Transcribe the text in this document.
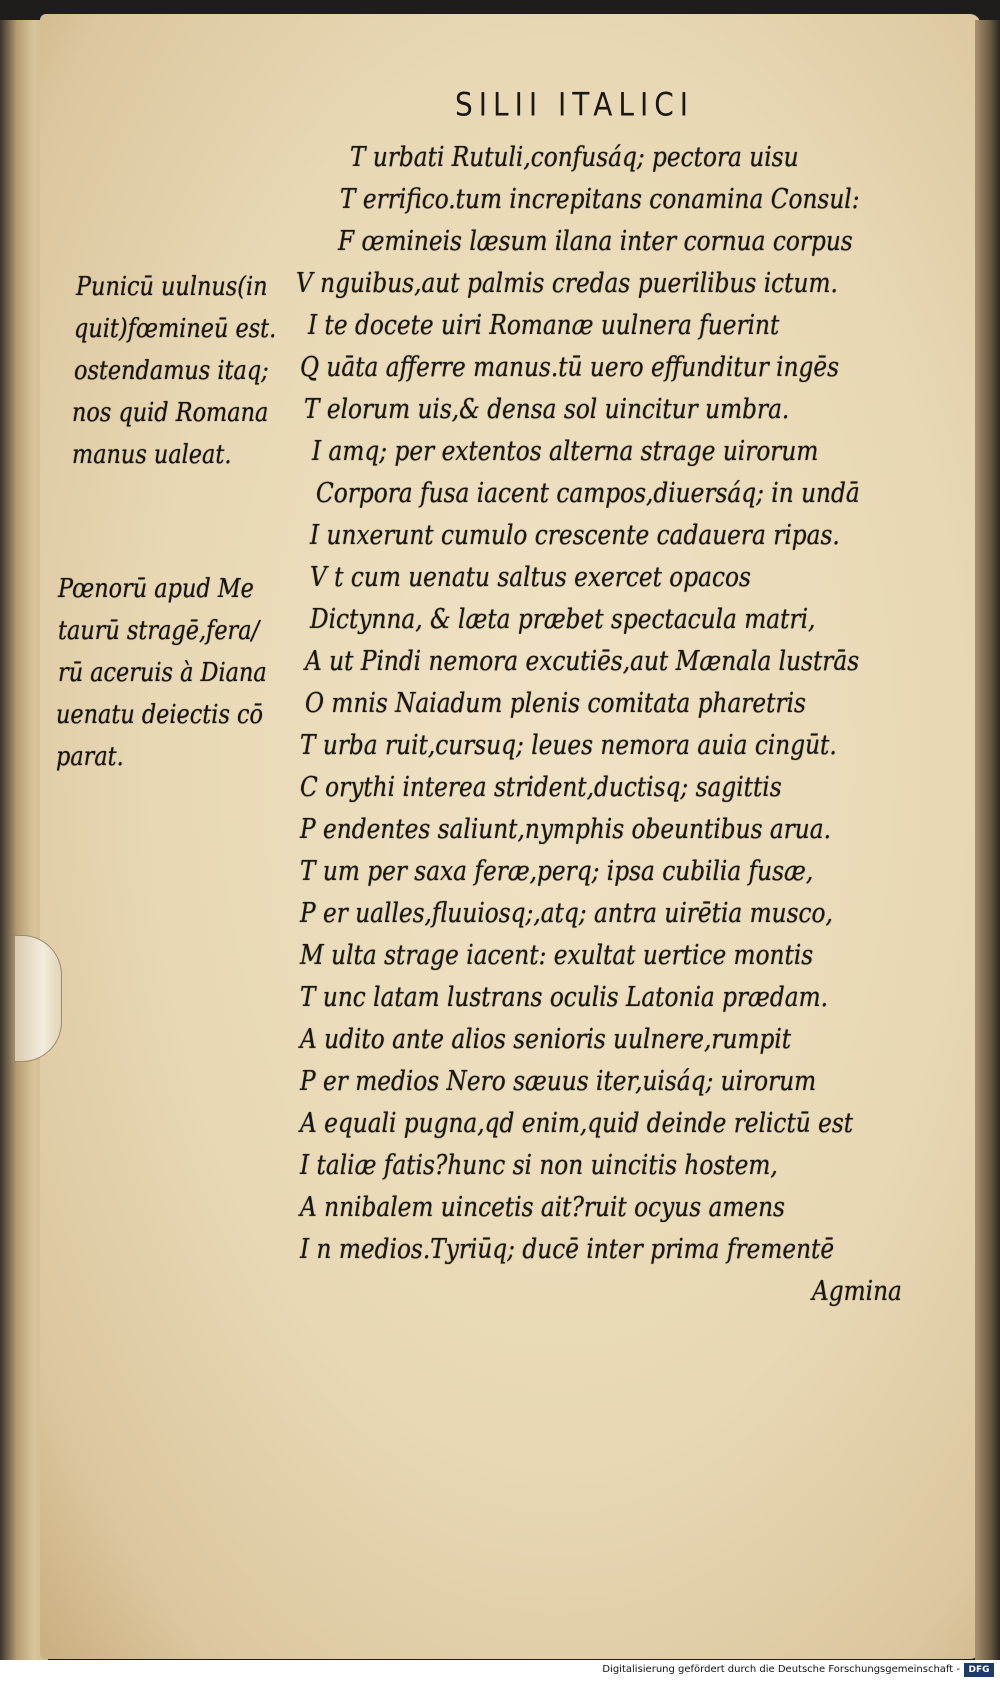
SILII ITALICI
T urbati Rutuli,confusáq; pectora uisu
T errifico.tum increpitans conamina Consul:
F œmineis læsum ilana inter cornua corpus
V nguibus,aut palmis credas puerilibus ictum.
I te docete uiri Romanæ uulnera fuerint
Q uāta afferre manus.tū uero effunditur ingēs
T elorum uis,& densa sol uincitur umbra.
I amq; per extentos alterna strage uirorum
Corpora fusa iacent campos,diuersáq; in undā
I unxerunt cumulo crescente cadauera ripas.
V t cum uenatu saltus exercet opacos
Dictynna, & læta præbet spectacula matri,
A ut Pindi nemora excutiēs,aut Mænala lustrās
O mnis Naiadum plenis comitata pharetris
T urba ruit,cursuq; leues nemora auia cingūt.
C orythi interea strident,ductisq; sagittis
P endentes saliunt,nymphis obeuntibus arua.
T um per saxa feræ,perq; ipsa cubilia fusæ,
P er ualles,fluuiosq;,atq; antra uirētia musco,
M ulta strage iacent: exultat uertice montis
T unc latam lustrans oculis Latonia prædam.
A udito ante alios senioris uulnere,rumpit
P er medios Nero sæuus iter,uisáq; uirorum
A equali pugna,qd enim,quid deinde relictū est
I taliæ fatis?hunc si non uincitis hostem,
A nnibalem uincetis ait?ruit ocyus amens
I n medios.Tyriūq; ducē inter prima frementē
Agmina
Punicū uulnus(in
quit)fœmineū est.
ostendamus itaq;
nos quid Romana
manus ualeat.
Pœnorū apud Me
taurū stragē,fera/
rū aceruis à Diana
uenatu deiectis cō
parat.
Digitalisierung gefördert durch die Deutsche Forschungsgemeinschaft - DFG
